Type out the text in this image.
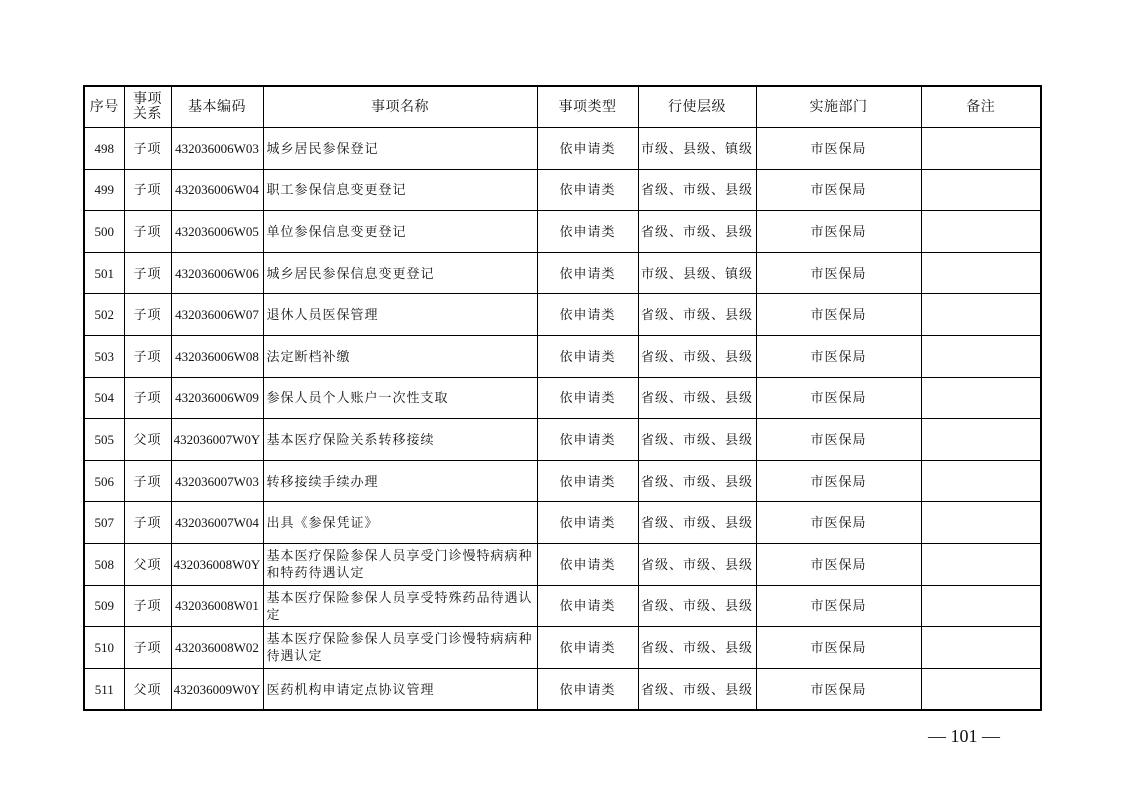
序号	事项关系	基本编码	事项名称	事项类型	行使层级	实施部门	备注
498	子项	432036006W03	城乡居民参保登记	依申请类	市级、县级、镇级	市医保局	
499	子项	432036006W04	职工参保信息变更登记	依申请类	省级、市级、县级	市医保局	
500	子项	432036006W05	单位参保信息变更登记	依申请类	省级、市级、县级	市医保局	
501	子项	432036006W06	城乡居民参保信息变更登记	依申请类	市级、县级、镇级	市医保局	
502	子项	432036006W07	退休人员医保管理	依申请类	省级、市级、县级	市医保局	
503	子项	432036006W08	法定断档补缴	依申请类	省级、市级、县级	市医保局	
504	子项	432036006W09	参保人员个人账户一次性支取	依申请类	省级、市级、县级	市医保局	
505	父项	432036007W0Y	基本医疗保险关系转移接续	依申请类	省级、市级、县级	市医保局	
506	子项	432036007W03	转移接续手续办理	依申请类	省级、市级、县级	市医保局	
507	子项	432036007W04	出具《参保凭证》	依申请类	省级、市级、县级	市医保局	
508	父项	432036008W0Y	基本医疗保险参保人员享受门诊慢特病病种和特药待遇认定	依申请类	省级、市级、县级	市医保局	
509	子项	432036008W01	基本医疗保险参保人员享受特殊药品待遇认定	依申请类	省级、市级、县级	市医保局	
510	子项	432036008W02	基本医疗保险参保人员享受门诊慢特病病种待遇认定	依申请类	省级、市级、县级	市医保局	
511	父项	432036009W0Y	医药机构申请定点协议管理	依申请类	省级、市级、县级	市医保局	
— 101 —
